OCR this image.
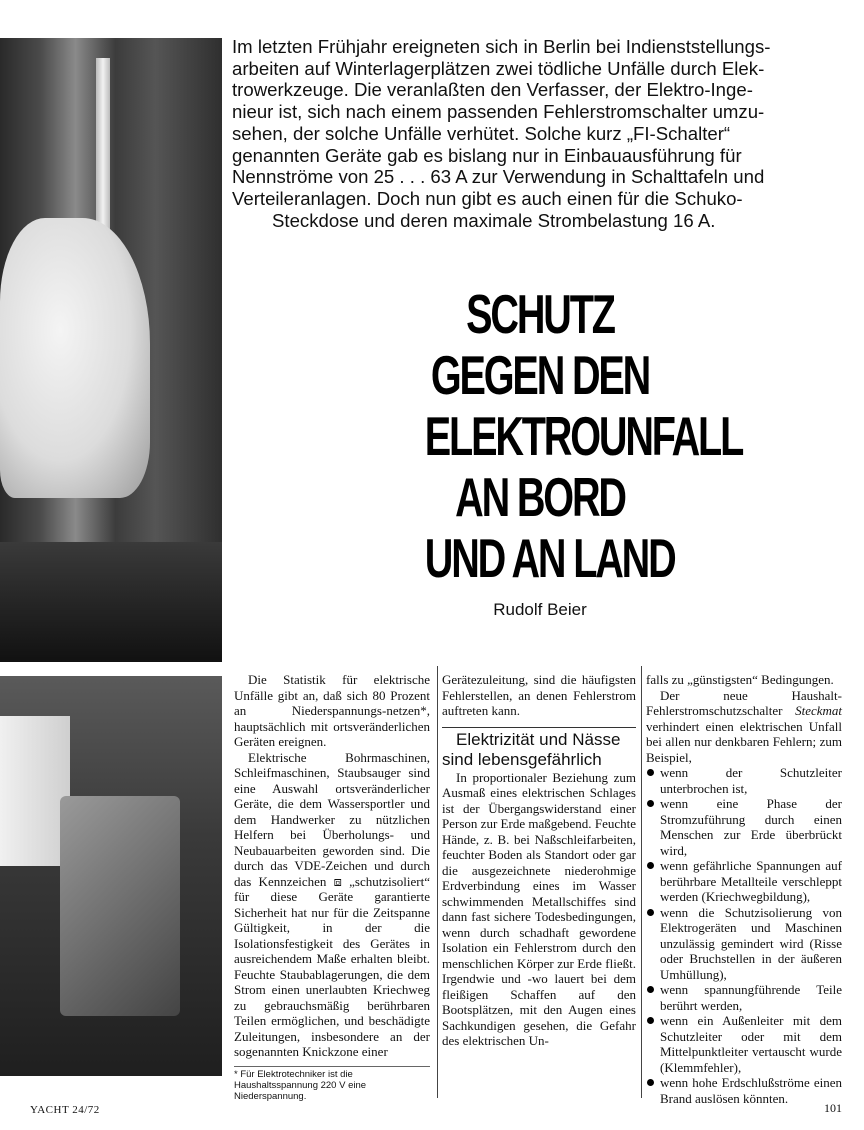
Im letzten Frühjahr ereigneten sich in Berlin bei Indienststellungs-
arbeiten auf Winterlagerplätzen zwei tödliche Unfälle durch Elek-
trowerkzeuge. Die veranlaßten den Verfasser, der Elektro-Inge-
nieur ist, sich nach einem passenden Fehlerstromschalter umzu-
sehen, der solche Unfälle verhütet. Solche kurz „FI-Schalter“
genannten Geräte gab es bislang nur in Einbauausführung für
Nennströme von 25 . . . 63 A zur Verwendung in Schalttafeln und
Verteileranlagen. Doch nun gibt es auch einen für die Schuko-
Steckdose und deren maximale Strombelastung 16 A.
SCHUTZ
GEGEN DEN
ELEKTROUNFALL
AN BORD
UND AN LAND
Rudolf Beier

Die Statistik für elektrische Unfälle gibt an, daß sich 80 Prozent an Niederspannungs-netzen*, hauptsächlich mit ortsveränderlichen Geräten ereignen.

Elektrische Bohrmaschinen, Schleifmaschinen, Staubsauger sind eine Auswahl ortsveränderlicher Geräte, die dem Wassersportler und dem Handwerker zu nützlichen Helfern bei Überholungs- und Neubauarbeiten geworden sind. Die durch das VDE-Zeichen und durch das Kennzeichen ⧈ „schutzisoliert“ für diese Geräte garantierte Sicherheit hat nur für die Zeitspanne Gültigkeit, in der die Isolationsfestigkeit des Gerätes in ausreichendem Maße erhalten bleibt. Feuchte Staubablagerungen, die dem Strom einen unerlaubten Kriechweg zu gebrauchsmäßig berührbaren Teilen ermöglichen, und beschädigte Zuleitungen, insbesondere an der sogenannten Knickzone einer

* Für Elektrotechniker ist die Haushaltsspannung 220 V eine Niederspannung.

Gerätezuleitung, sind die häufigsten Fehlerstellen, an denen Fehlerstrom auftreten kann.

Elektrizität und Nässe sind lebensgefährlich

In proportionaler Beziehung zum Ausmaß eines elektrischen Schlages ist der Übergangswiderstand einer Person zur Erde maßgebend. Feuchte Hände, z. B. bei Naßschleifarbeiten, feuchter Boden als Standort oder gar die ausgezeichnete niederohmige Erdverbindung eines im Wasser schwimmenden Metallschiffes sind dann fast sichere Todesbedingungen, wenn durch schadhaft gewordene Isolation ein Fehlerstrom durch den menschlichen Körper zur Erde fließt. Irgendwie und -wo lauert bei dem fleißigen Schaffen auf den Bootsplätzen, mit den Augen eines Sachkundigen gesehen, die Gefahr des elektrischen Un-

falls zu „günstigsten“ Bedingungen.

Der neue Haushalt-Fehlerstromschutzschalter Steckmat verhindert einen elektrischen Unfall bei allen nur denkbaren Fehlern; zum Beispiel,

wenn der Schutzleiter unterbrochen ist,
wenn eine Phase der Stromzuführung durch einen Menschen zur Erde überbrückt wird,
wenn gefährliche Spannungen auf berührbare Metallteile verschleppt werden (Kriechwegbildung),
wenn die Schutzisolierung von Elektrogeräten und Maschinen unzulässig gemindert wird (Risse oder Bruchstellen in der äußeren Umhüllung),
wenn spannungführende Teile berührt werden,
wenn ein Außenleiter mit dem Schutzleiter oder mit dem Mittelpunktleiter vertauscht wurde (Klemmfehler),
wenn hohe Erdschlußströme einen Brand auslösen könnten.
YACHT 24/72	101
